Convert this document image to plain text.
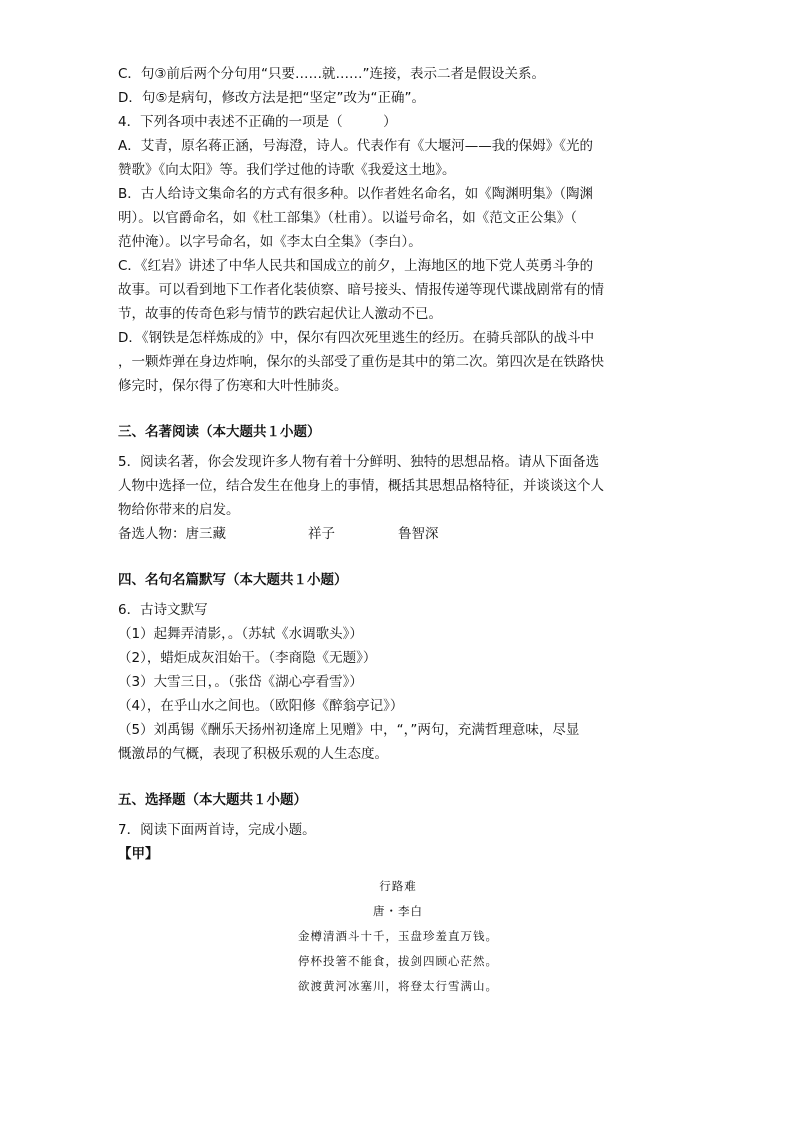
C．句③前后两个分句用“只要……就……”连接，表示二者是假设关系。
D．句⑤是病句，修改方法是把“坚定”改为“正确”。
4．下列各项中表述不正确的一项是（　　　）
A．艾青，原名蒋正涵，号海澄，诗人。代表作有《大堰河——我的保姆》《光的
赞歌》《向太阳》等。我们学过他的诗歌《我爱这土地》。
B．古人给诗文集命名的方式有很多种。以作者姓名命名，如《陶渊明集》（陶渊
明）。以官爵命名，如《杜工部集》（杜甫）。以谥号命名，如《范文正公集》（
范仲淹）。以字号命名，如《李太白全集》（李白）。
C．《红岩》讲述了中华人民共和国成立的前夕，上海地区的地下党人英勇斗争的
故事。可以看到地下工作者化装侦察、暗号接头、情报传递等现代谍战剧常有的情
节，故事的传奇色彩与情节的跌宕起伏让人激动不已。
D．《钢铁是怎样炼成的》中，保尔有四次死里逃生的经历。在骑兵部队的战斗中
，一颗炸弹在身边炸响，保尔的头部受了重伤是其中的第二次。第四次是在铁路快
修完时，保尔得了伤寒和大叶性肺炎。
三、名著阅读（本大题共１小题）
5．阅读名著，你会发现许多人物有着十分鲜明、独特的思想品格。请从下面备选
人物中选择一位，结合发生在他身上的事情，概括其思想品格特征，并谈谈这个人
物给你带来的启发。
备选人物：唐三藏	祥子	鲁智深
四、名句名篇默写（本大题共１小题）
6．古诗文默写
（1）起舞弄清影，。（苏轼《水调歌头》）
（2），蜡炬成灰泪始干。（李商隐《无题》）
（3）大雪三日，。（张岱《湖心亭看雪》）
（4），在乎山水之间也。（欧阳修《醉翁亭记》）
（5）刘禹锡《酬乐天扬州初逢席上见赠》中，“，”两句，充满哲理意味，尽显
慨激昂的气概，表现了积极乐观的人生态度。
五、选择题（本大题共１小题）
7．阅读下面两首诗，完成小题。
【甲】
行路难
唐・李白
金樽清酒斗十千，玉盘珍羞直万钱。
停杯投箸不能食，拔剑四顾心茫然。
欲渡黄河冰塞川，将登太行雪满山。
